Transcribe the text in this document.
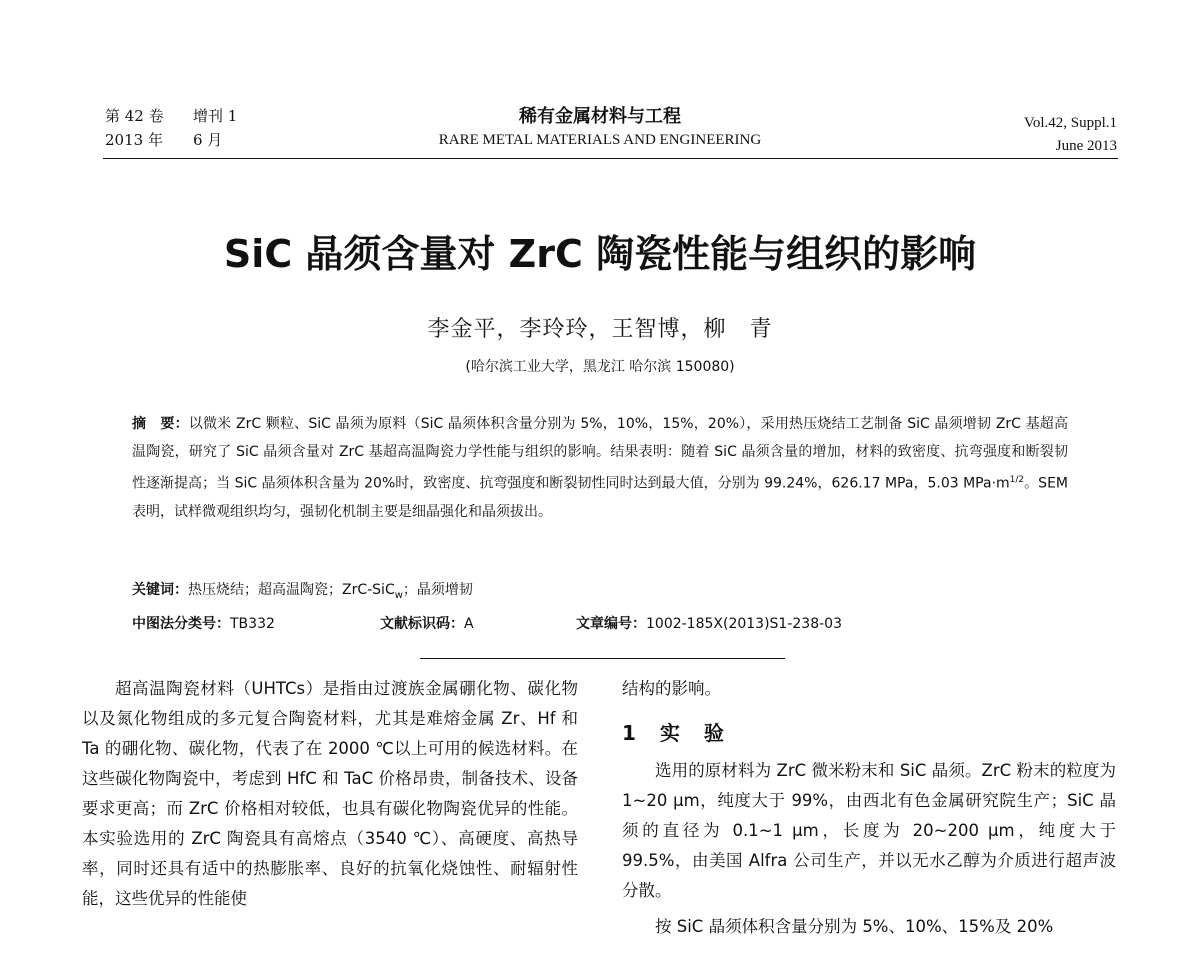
第 42 卷 增刊 1
2013 年 6 月
稀有金属材料与工程
RARE METAL MATERIALS AND ENGINEERING
Vol.42, Suppl.1
June 2013
SiC 晶须含量对 ZrC 陶瓷性能与组织的影响
李金平，李玲玲，王智博，柳　青
(哈尔滨工业大学，黑龙江 哈尔滨 150080)
摘　要：以微米 ZrC 颗粒、SiC 晶须为原料（SiC 晶须体积含量分别为 5%，10%，15%，20%），采用热压烧结工艺制备 SiC 晶须增韧 ZrC 基超高温陶瓷，研究了 SiC 晶须含量对 ZrC 基超高温陶瓷力学性能与组织的影响。结果表明：随着 SiC 晶须含量的增加，材料的致密度、抗弯强度和断裂韧性逐渐提高；当 SiC 晶须体积含量为 20%时，致密度、抗弯强度和断裂韧性同时达到最大值，分别为 99.24%，626.17 MPa，5.03 $MPa\cdot m^{1/2}$。SEM 表明，试样微观组织均匀，强韧化机制主要是细晶强化和晶须拔出。
关键词：热压烧结；超高温陶瓷；ZrC-SiC$_w$；晶须增韧
中图法分类号：TB332	文献标识码：A	文章编号：1002-185X(2013)S1-238-03

超高温陶瓷材料（UHTCs）是指由过渡族金属硼化物、碳化物以及氮化物组成的多元复合陶瓷材料，尤其是难熔金属 Zr、Hf 和 Ta 的硼化物、碳化物，代表了在 2000 ℃以上可用的候选材料。在这些碳化物陶瓷中，考虑到 HfC 和 TaC 价格昂贵，制备技术、设备要求更高；而 ZrC 价格相对较低，也具有碳化物陶瓷优异的性能。本实验选用的 ZrC 陶瓷具有高熔点（3540 ℃）、高硬度、高热导率，同时还具有适中的热膨胀率、良好的抗氧化烧蚀性、耐辐射性能，这些优异的性能使

结构的影响。

1 实　验

选用的原材料为 ZrC 微米粉末和 SiC 晶须。ZrC 粉末的粒度为 1~20 μm，纯度大于 99%，由西北有色金属研究院生产；SiC 晶须的直径为 0.1~1 μm，长度为 20~200 μm，纯度大于 99.5%，由美国 Alfra 公司生产，并以无水乙醇为介质进行超声波分散。

按 SiC 晶须体积含量分别为 5%、10%、15%及 20%
